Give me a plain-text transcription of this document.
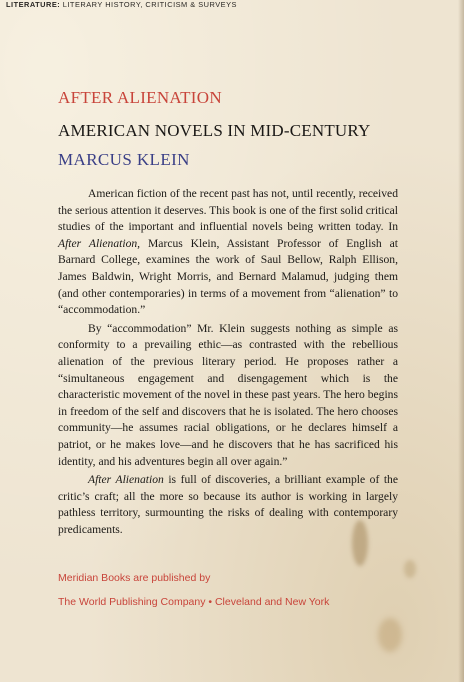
LITERATURE: LITERARY HISTORY, CRITICISM & SURVEYS
AFTER ALIENATION
AMERICAN NOVELS IN MID-CENTURY
MARCUS KLEIN

American fiction of the recent past has not, until recently, received the serious attention it deserves. This book is one of the first solid critical studies of the important and influential novels being written today. In After Alienation, Marcus Klein, Assistant Professor of English at Barnard College, examines the work of Saul Bellow, Ralph Ellison, James Baldwin, Wright Morris, and Bernard Malamud, judging them (and other contemporaries) in terms of a movement from “alienation” to “accommodation.”

By “accommodation” Mr. Klein suggests nothing as simple as conformity to a prevailing ethic—as contrasted with the rebellious alienation of the previous literary period. He proposes rather a “simultaneous engagement and disengagement which is the characteristic movement of the novel in these past years. The hero begins in freedom of the self and discovers that he is isolated. The hero chooses community—he assumes racial obligations, or he declares himself a patriot, or he makes love—and he discovers that he has sacrificed his identity, and his adventures begin all over again.”

After Alienation is full of discoveries, a brilliant example of the critic’s craft; all the more so because its author is working in largely pathless territory, surmounting the risks of dealing with contemporary predicaments.

Meridian Books are published by
The World Publishing Company • Cleveland and New York
